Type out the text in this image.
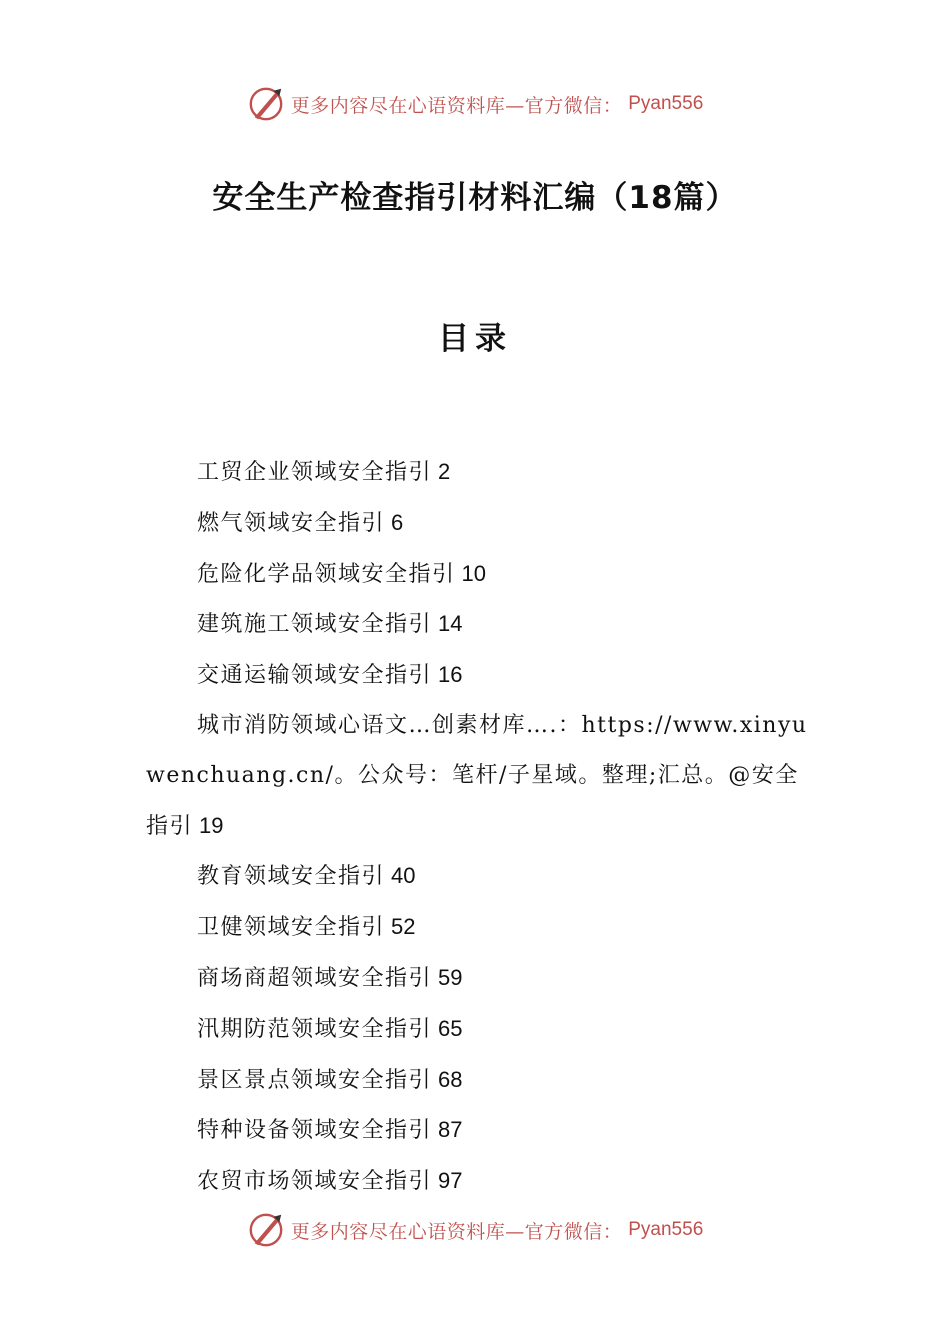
更多内容尽在心语资料库—官方微信： Pyan556
安全生产检查指引材料汇编（18篇）
目录
工贸企业领域安全指引 2
燃气领域安全指引 6
危险化学品领域安全指引 10
建筑施工领域安全指引 14
交通运输领域安全指引 16
城市消防领域心语文…创素材库….：https://www.xinyuwenchuang.cn/。公众号：笔杆/子星域。整理;汇总。@安全指引 19
教育领域安全指引 40
卫健领域安全指引 52
商场商超领域安全指引 59
汛期防范领域安全指引 65
景区景点领域安全指引 68
特种设备领域安全指引 87
农贸市场领域安全指引 97
更多内容尽在心语资料库—官方微信： Pyan556
